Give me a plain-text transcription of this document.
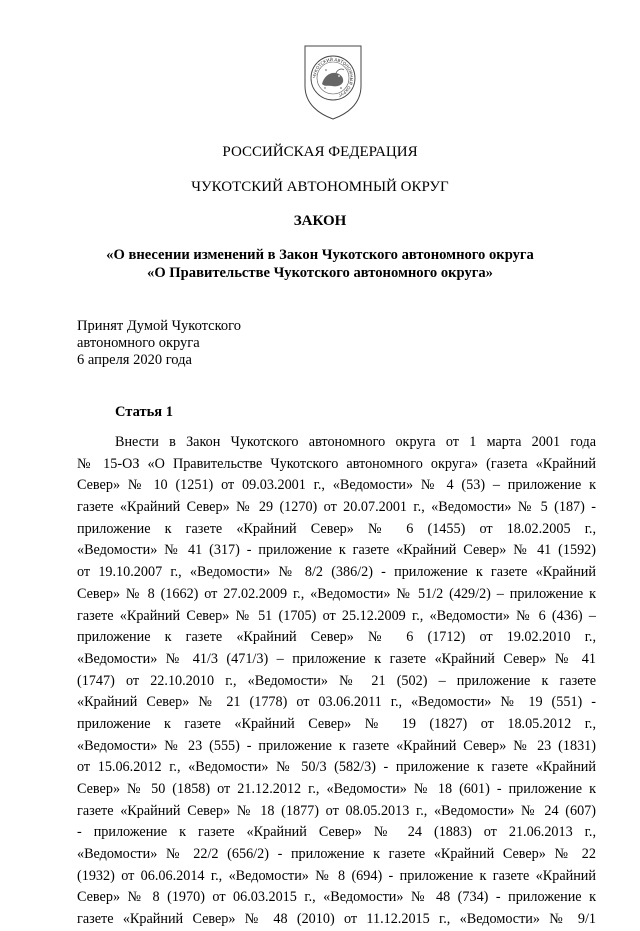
ЧУКОТСКИЙ АВТОНОМНЫЙ ОКРУГ
РОССИЙСКАЯ ФЕДЕРАЦИЯ
ЧУКОТСКИЙ АВТОНОМНЫЙ ОКРУГ
ЗАКОН
«О внесении изменений в Закон Чукотского автономного округа
«О Правительстве Чукотского автономного округа»
Принят Думой Чукотского
автономного округа
6 апреля 2020 года
Статья 1
Внести в Закон Чукотского автономного округа от 1 марта 2001 года
№ 15-ОЗ «О Правительстве Чукотского автономного округа» (газета «Крайний
Север» № 10 (1251) от 09.03.2001 г., «Ведомости» № 4 (53) – приложение к
газете «Крайний Север» № 29 (1270) от 20.07.2001 г., «Ведомости» № 5 (187) -
приложение к газете «Крайний Север» № 6 (1455) от 18.02.2005 г.,
«Ведомости» № 41 (317) - приложение к газете «Крайний Север» № 41 (1592)
от 19.10.2007 г., «Ведомости» № 8/2 (386/2) - приложение к газете «Крайний
Север» № 8 (1662) от 27.02.2009 г., «Ведомости» № 51/2 (429/2) – приложение к
газете «Крайний Север» № 51 (1705) от 25.12.2009 г., «Ведомости» № 6 (436) –
приложение к газете «Крайний Север» № 6 (1712) от 19.02.2010 г.,
«Ведомости» № 41/3 (471/3) – приложение к газете «Крайний Север» № 41
(1747) от 22.10.2010 г., «Ведомости» № 21 (502) – приложение к газете
«Крайний Север» № 21 (1778) от 03.06.2011 г., «Ведомости» № 19 (551) -
приложение к газете «Крайний Север» № 19 (1827) от 18.05.2012 г.,
«Ведомости» № 23 (555) - приложение к газете «Крайний Север» № 23 (1831)
от 15.06.2012 г., «Ведомости» № 50/3 (582/3) - приложение к газете «Крайний
Север» № 50 (1858) от 21.12.2012 г., «Ведомости» № 18 (601) - приложение к
газете «Крайний Север» № 18 (1877) от 08.05.2013 г., «Ведомости» № 24 (607)
- приложение к газете «Крайний Север» № 24 (1883) от 21.06.2013 г.,
«Ведомости» № 22/2 (656/2) - приложение к газете «Крайний Север» № 22
(1932) от 06.06.2014 г., «Ведомости» № 8 (694) - приложение к газете «Крайний
Север» № 8 (1970) от 06.03.2015 г., «Ведомости» № 48 (734) - приложение к
газете «Крайний Север» № 48 (2010) от 11.12.2015 г., «Ведомости» № 9/1
